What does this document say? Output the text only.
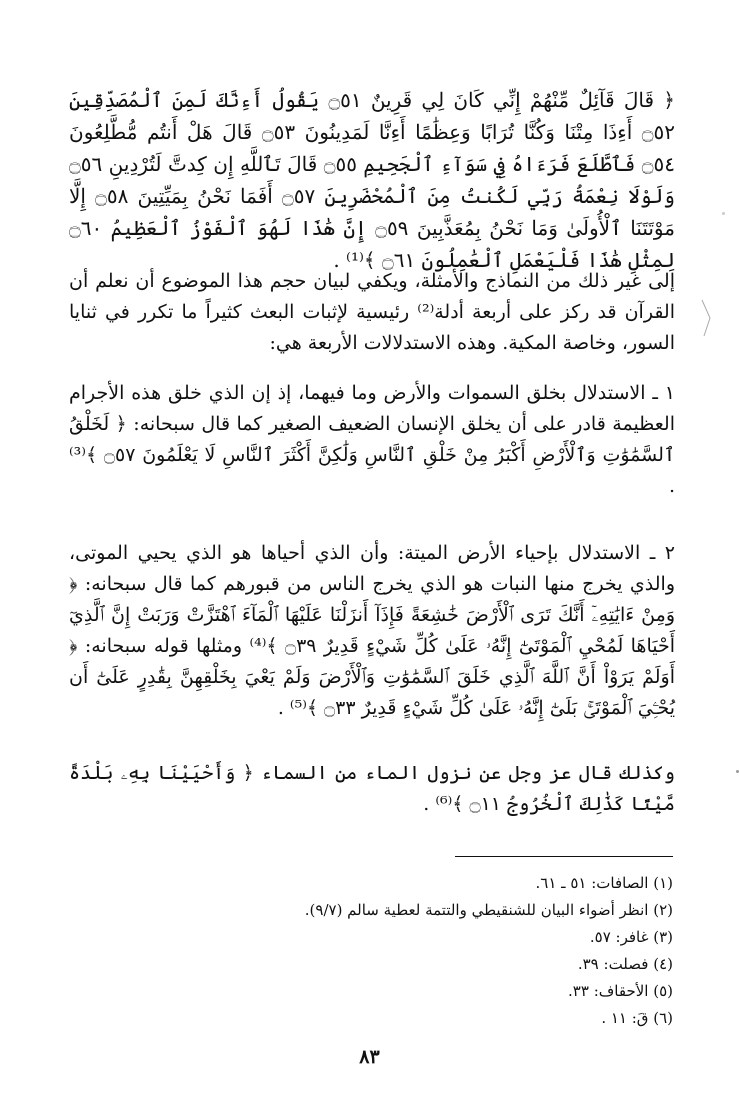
﴿ قَالَ قَآئِلٌ مِّنْهُمْ إِنِّي كَانَ لِي قَرِينٌ ۝٥١ يَقُولُ أَءِنَّكَ لَمِنَ ٱلْمُصَدِّقِينَ ۝٥٢ أَءِذَا مِتْنَا وَكُنَّا تُرَابًا وَعِظَٰمًا أَءِنَّا لَمَدِينُونَ ۝٥٣ قَالَ هَلْ أَنتُم مُّطَّلِعُونَ ۝٥٤ فَٱطَّلَعَ فَرَءَاهُ فِي سَوَآءِ ٱلْجَحِيمِ ۝٥٥ قَالَ تَٱللَّهِ إِن كِدتَّ لَتُرْدِينِ ۝٥٦ وَلَوْلَا نِعْمَةُ رَبِّي لَكُنتُ مِنَ ٱلْمُحْضَرِينَ ۝٥٧ أَفَمَا نَحْنُ بِمَيِّتِينَ ۝٥٨ إِلَّا مَوْتَتَنَا ٱلْأُولَىٰ وَمَا نَحْنُ بِمُعَذَّبِينَ ۝٥٩ إِنَّ هَٰذَا لَهُوَ ٱلْفَوْزُ ٱلْعَظِيمُ ۝٦٠ لِمِثْلِ هَٰذَا فَلْيَعْمَلِ ٱلْعَٰمِلُونَ ۝٦١ ﴾⁽¹⁾ .
إلى غير ذلك من النماذج والأمثلة، ويكفي لبيان حجم هذا الموضوع أن نعلم أن القرآن قد ركز على أربعة أدلة⁽²⁾ رئيسية لإثبات البعث كثيراً ما تكرر في ثنايا السور، وخاصة المكية. وهذه الاستدلالات الأربعة هي:
١ ـ الاستدلال بخلق السموات والأرض وما فيهما، إذ إن الذي خلق هذه الأجرام العظيمة قادر على أن يخلق الإنسان الضعيف الصغير كما قال سبحانه: ﴿ لَخَلْقُ ٱلسَّمَٰوَٰتِ وَٱلْأَرْضِ أَكْبَرُ مِنْ خَلْقِ ٱلنَّاسِ وَلَٰكِنَّ أَكْثَرَ ٱلنَّاسِ لَا يَعْلَمُونَ ۝٥٧ ﴾⁽³⁾ .
٢ ـ الاستدلال بإحياء الأرض الميتة: وأن الذي أحياها هو الذي يحيي الموتى، والذي يخرج منها النبات هو الذي يخرج الناس من قبورهم كما قال سبحانه: ﴿ وَمِنْ ءَايَٰتِهِۦٓ أَنَّكَ تَرَى ٱلْأَرْضَ خَٰشِعَةً فَإِذَآ أَنزَلْنَا عَلَيْهَا ٱلْمَآءَ ٱهْتَزَّتْ وَرَبَتْ إِنَّ ٱلَّذِيٓ أَحْيَاهَا لَمُحْيِ ٱلْمَوْتَىٰٓ إِنَّهُۥ عَلَىٰ كُلِّ شَيْءٍ قَدِيرٌ ۝٣٩ ﴾⁽⁴⁾ ومثلها قوله سبحانه: ﴿ أَوَلَمْ يَرَوْاْ أَنَّ ٱللَّهَ ٱلَّذِي خَلَقَ ٱلسَّمَٰوَٰتِ وَٱلْأَرْضَ وَلَمْ يَعْيَ بِخَلْقِهِنَّ بِقَٰدِرٍ عَلَىٰٓ أَن يُحْـِۧيَ ٱلْمَوْتَىٰۚ بَلَىٰٓ إِنَّهُۥ عَلَىٰ كُلِّ شَيْءٍ قَدِيرٌ ۝٣٣ ﴾⁽⁵⁾ .
وكذلك قال عز وجل عن نزول الماء من السماء ﴿ وَأَحْيَيْنَا بِهِۦ بَلْدَةً مَّيْتًا كَذَٰلِكَ ٱلْخُرُوجُ ۝١١ ﴾⁽⁶⁾ .
(١) الصافات: ٥١ ـ ٦١.
(٢) انظر أضواء البيان للشنقيطي والتتمة لعطية سالم (٩/٧).
(٣) غافر: ٥٧.
(٤) فصلت: ٣٩.
(٥) الأحقاف: ٣٣.
(٦) قَ: ١١ .
٨٣
